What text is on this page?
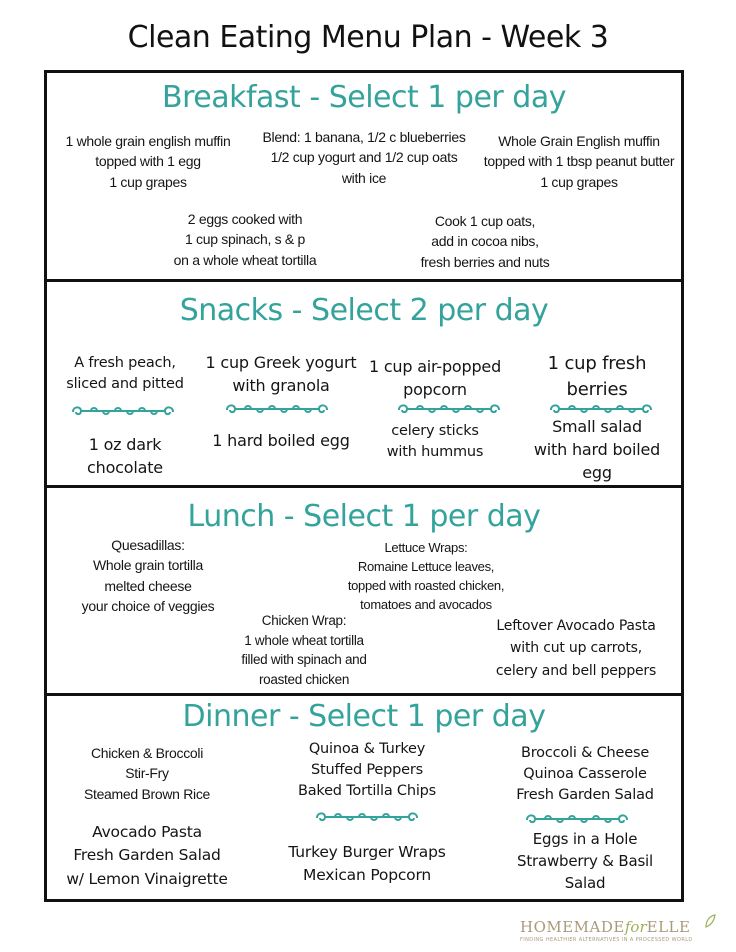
Clean Eating Menu Plan - Week 3
Breakfast - Select 1 per day
1 whole grain english muffin
topped with 1 egg
1 cup grapes
Blend: 1 banana, 1/2 c blueberries
1/2 cup yogurt and 1/2 cup oats
with ice
Whole Grain English muffin
topped with 1 tbsp peanut butter
1 cup grapes
2 eggs cooked with
1 cup spinach, s & p
on a whole wheat tortilla
Cook 1 cup oats,
add in cocoa nibs,
fresh berries and nuts
Snacks - Select 2 per day
A fresh peach,
sliced and pitted
1 cup Greek yogurt
with granola
1 cup air-popped
popcorn
1 cup fresh
berries
1 oz dark
chocolate
1 hard boiled egg	celery sticks
with hummus
Small salad
with hard boiled
egg
Lunch - Select 1 per day
Quesadillas:
Whole grain tortilla
melted cheese
your choice of veggies
Lettuce Wraps:
Romaine Lettuce leaves,
topped with roasted chicken,
tomatoes and avocados
Chicken Wrap:
1 whole wheat tortilla
filled with spinach and
roasted chicken
Leftover Avocado Pasta
with cut up carrots,
celery and bell peppers
Dinner - Select 1 per day
Chicken & Broccoli
Stir-Fry
Steamed Brown Rice
Quinoa & Turkey
Stuffed Peppers
Baked Tortilla Chips
Broccoli & Cheese
Quinoa Casserole
Fresh Garden Salad
Avocado Pasta
Fresh Garden Salad
w/ Lemon Vinaigrette
Turkey Burger Wraps
Mexican Popcorn
Eggs in a Hole
Strawberry & Basil
Salad
HOMEMADEforELLE
FINDING HEALTHIER ALTERNATIVES IN A PROCESSED WORLD
